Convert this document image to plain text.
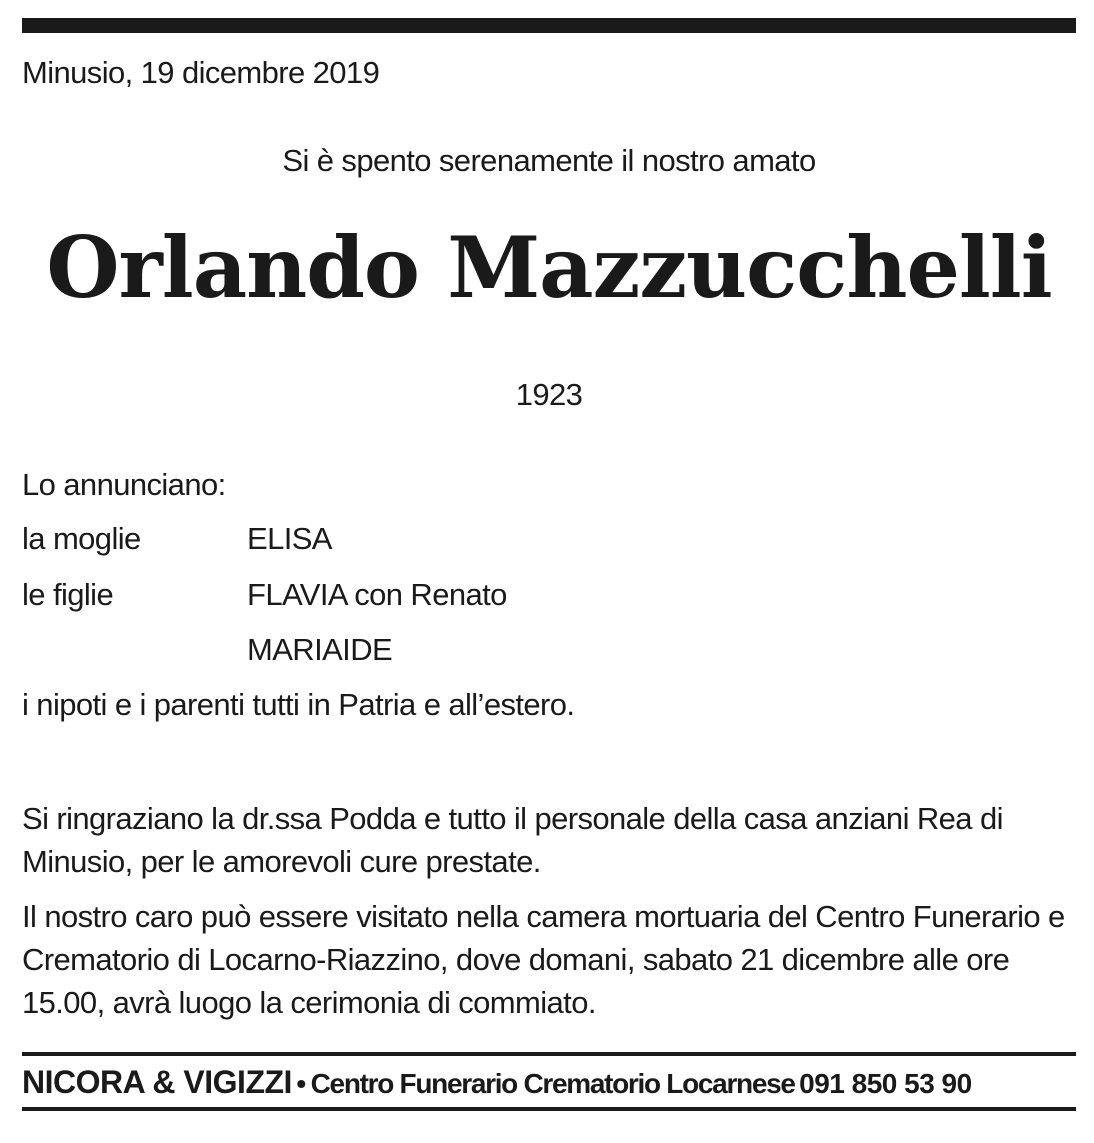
Minusio, 19 dicembre 2019
Si è spento serenamente il nostro amato
Orlando Mazzucchelli
1923
Lo annunciano:
la moglie	ELISA
le figlie	FLAVIA con Renato
MARIAIDE
i nipoti e i parenti tutti in Patria e all’estero.
Si ringraziano la dr.ssa Podda e tutto il personale della casa anziani Rea di Minusio, per le amorevoli cure prestate.
Il nostro caro può essere visitato nella camera mortuaria del Centro Funerario e Crematorio di Locarno-Riazzino, dove domani, sabato 21 dicembre alle ore 15.00, avrà luogo la cerimonia di commiato.
NICORA & VIGIZZI • Centro Funerario Crematorio Locarnese 091 850 53 90
